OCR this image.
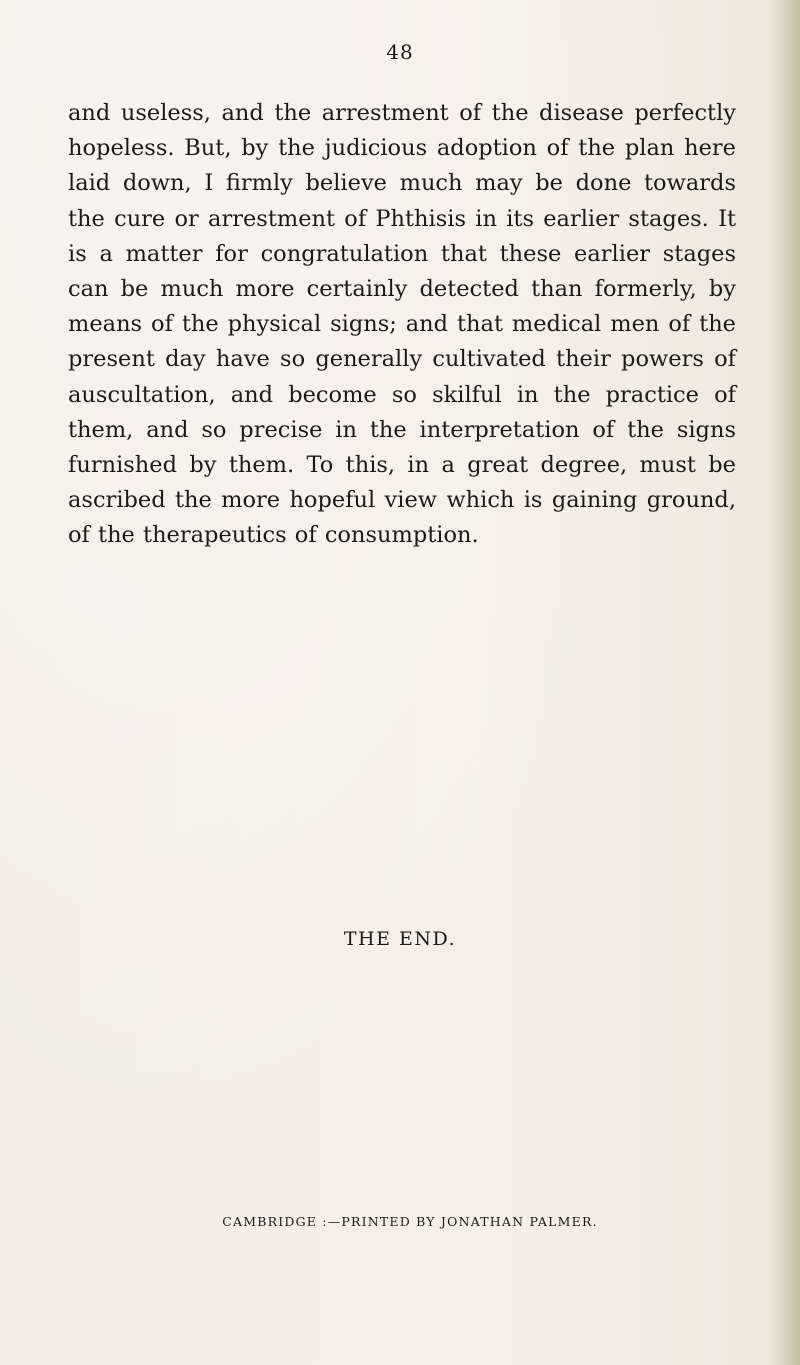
48

and useless, and the arrestment of the disease perfectly hopeless. But, by the judicious adoption of the plan here laid down, I firmly believe much may be done towards the cure or arrestment of Phthisis in its earlier stages. It is a matter for congratulation that these earlier stages can be much more certainly detected than formerly, by means of the physical signs; and that medical men of the present day have so generally cultivated their powers of auscultation, and become so skilful in the practice of them, and so precise in the interpretation of the signs furnished by them. To this, in a great degree, must be ascribed the more hopeful view which is gaining ground, of the therapeutics of consumption.

THE END.
CAMBRIDGE :—PRINTED BY JONATHAN PALMER.
